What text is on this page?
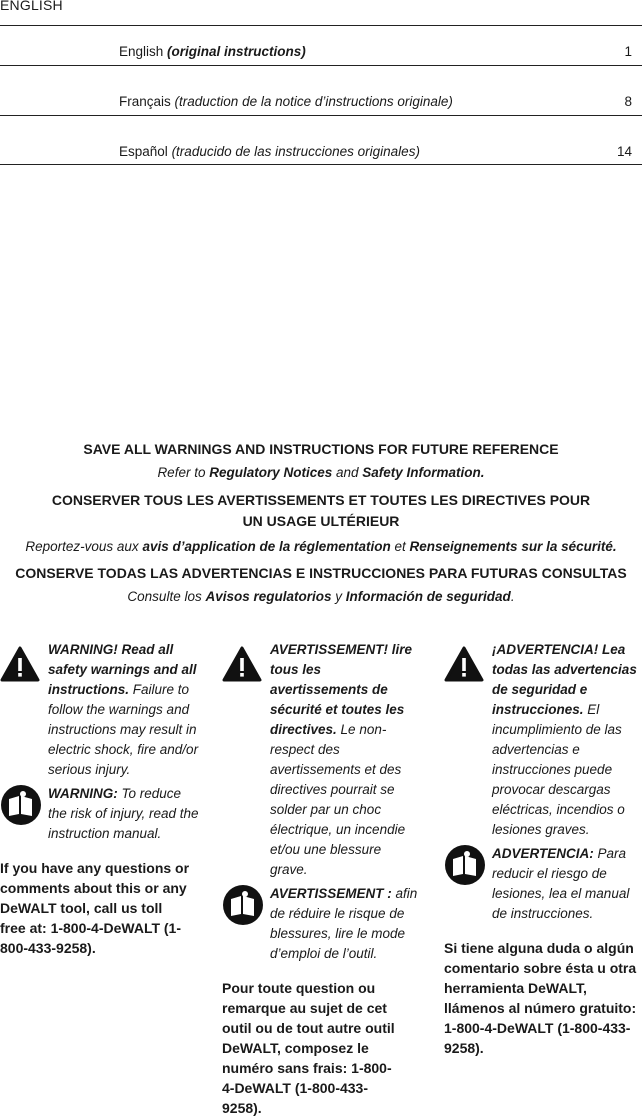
ENGLISH
English (original instructions)	1
Français (traduction de la notice d’instructions originale)	8
Español (traducido de las instrucciones originales)	14
SAVE ALL WARNINGS AND INSTRUCTIONS FOR FUTURE REFERENCE
Refer to Regulatory Notices and Safety Information.
CONSERVER TOUS LES AVERTISSEMENTS ET TOUTES LES DIRECTIVES POUR
UN USAGE ULTÉRIEUR
Reportez-vous aux avis d’application de la réglementation et Renseignements sur la sécurité.
CONSERVE TODAS LAS ADVERTENCIAS E INSTRUCCIONES PARA FUTURAS CONSULTAS
Consulte los Avisos regulatorios y Información de seguridad.
WARNING! Read all safety warnings and all instructions. Failure to follow the warnings and instructions may result in electric shock, fire and/or serious injury.
WARNING: To reduce the risk of injury, read the instruction manual.
If you have any questions or comments about this or any DeWALT tool, call us toll free at: 1-800-4-DeWALT (1-800-433-9258).
AVERTISSEMENT! lire tous les avertissements de sécurité et toutes les directives. Le non-respect des avertissements et des directives pourrait se solder par un choc électrique, un incendie et/ou une blessure grave.
AVERTISSEMENT : afin de réduire le risque de blessures, lire le mode d’emploi de l’outil.
Pour toute question ou remarque au sujet de cet outil ou de tout autre outil DeWALT, composez le numéro sans frais: 1-800-4-DeWALT (1-800-433-9258).
¡ADVERTENCIA! Lea todas las advertencias de seguridad e instrucciones. El incumplimiento de las advertencias e instrucciones puede provocar descargas eléctricas, incendios o lesiones graves.
ADVERTENCIA: Para reducir el riesgo de lesiones, lea el manual de instrucciones.
Si tiene alguna duda o algún comentario sobre ésta u otra herramienta DeWALT, llámenos al número gratuito: 1-800-4-DeWALT (1-800-433-9258).
